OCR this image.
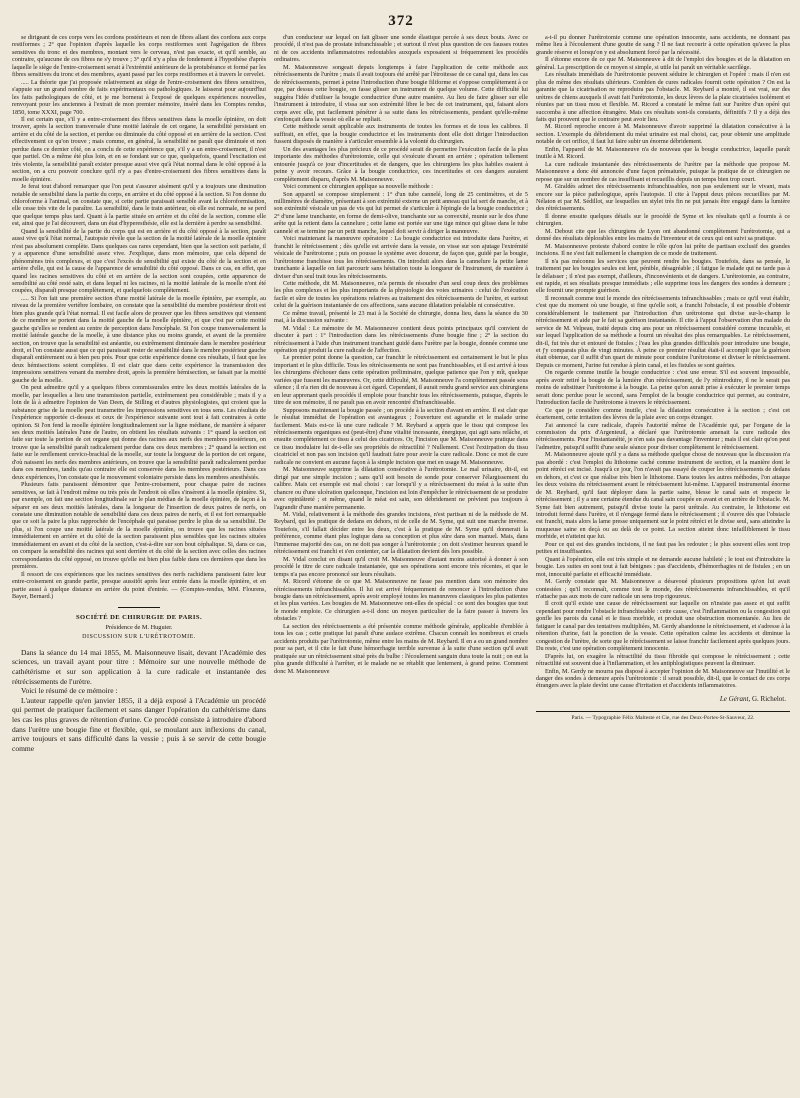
372

se dirigeant de ces corps vers les cordons postérieurs et non de fibres allant des cordons aux corps restiformes ; 2° que l'opinion d'après laquelle les corps restiformes sont l'agrégation de fibres sensitives du tronc et des membres, montant vers le cerveau, n'est pas exacte, et qu'il semble, au contraire, qu'aucune de ces fibres ne s'y trouve ; 3° qu'il n'y a plus de fondement à l'hypothèse d'après laquelle le siège de l'entre-croisement serait à l'extrémité antérieure de la protubérance et formé par les fibres sensitives du tronc et des membres, ayant passé par les corps restiformes et à travers le cervelet.

..... La théorie que j'ai proposée relativement au siège de l'entre-croisement des fibres sensitives, s'appuie sur un grand nombre de faits expérimentaux ou pathologiques. Je laisserai pour aujourd'hui les faits pathologiques de côté, et je me bornerai à l'exposé de quelques expériences nouvelles, renvoyant pour les anciennes à l'extrait de mon premier mémoire, inséré dans les Comptes rendus, 1850, tome XXXI, page 700.

Il est certain que, s'il y a entre-croisement des fibres sensitives dans la moelle épinière, on doit trouver, après la section transversale d'une moitié latérale de cet organe, la sensibilité persistant en arrière et du côté de la section, et perdue ou diminuée du côté opposé et en arrière de la section. C'est effectivement ce qu'on trouve ; mais comme, en général, la sensibilité ne paraît que diminuée et non perdue dans ce dernier côté, on a conclu de cette expérience que, s'il y a un entre-croisement, il n'est que partiel. On a même été plus loin, et en se fondant sur ce que, quelquefois, quand l'excitation est très violente, la sensibilité paraît exister presque aussi vive qu'à l'état normal dans le côté opposé à la section, on a cru pouvoir conclure qu'il n'y a pas d'entre-croisement des fibres sensitives dans la moelle épinière.

Je ferai tout d'abord remarquer que l'on peut s'assurer aisément qu'il y a toujours une diminution notable de sensibilité dans la partie du corps, en arrière et du côté opposé à la section. Si l'on donne du chloroforme à l'animal, on constate que, si cette partie paraissait sensible avant la chloroformisation, elle cesse très vite de le paraître. La sensibilité, dans le train antérieur, où elle est normale, ne se perd que quelque temps plus tard. Quant à la partie située en arrière et du côté de la section, comme elle est, ainsi que je l'ai découvert, dans un état d'hyperesthésie, elle est la dernière à perdre sa sensibilité.

Quand la sensibilité de la partie du corps qui est en arrière et du côté opposé à la section, paraît aussi vive qu'à l'état normal, l'autopsie révèle que la section de la moitié latérale de la moelle épinière n'est pas absolument complète. Dans quelques cas rares cependant, bien que la section soit parfaite, il y a apparence d'une sensibilité assez vive. J'explique, dans mon mémoire, que cela dépend de phénomènes très complexes, et que c'est l'excès de sensibilité qui existe du côté de la section et en arrière d'elle, qui est la cause de l'apparence de sensibilité du côté opposé. Dans ce cas, en effet, que quand les racines sensitives du côté et en arrière de la section sont coupées, cette apparence de sensibilité au côté resté sain, et dans lequel ni les racines, ni la moitié latérale de la moelle n'ont été coupées, disparaît presque complètement, et quelquefois complètement.

..... Si l'on fait une première section d'une moitié latérale de la moelle épinière, par exemple, au niveau de la première vertèbre lombaire, on constate que la sensibilité du membre postérieur droit est bien plus grande qu'à l'état normal. Il est facile alors de prouver que les fibres sensitives qui viennent de ce membre se portent dans la moitié gauche de la moelle épinière, et que c'est par cette moitié gauche qu'elles se rendent au centre de perception dans l'encéphale. Si l'on coupe transversalement la moitié latérale gauche de la moelle, à une distance plus ou moins grande, et avant de la première section, on trouve que la sensibilité est anéantie, ou extrêmement diminuée dans le membre postérieur droit, et l'on constate aussi que ce qui paraissait rester de sensibilité dans le membre postérieur gauche disparaît entièrement ou à bien peu près. Pour que cette expérience donne ces résultats, il faut que les deux hémisections soient complètes. Il est clair que dans cette expérience la transmission des impressions sensitives venant du membre droit, après la première hémisection, se faisait par la moitié gauche de la moelle.

On peut admettre qu'il y a quelques fibres commissurales entre les deux moitiés latérales de la moelle, par lesquelles a lieu une transmission partielle, extrêmement peu considérable ; mais il y a loin de là à admettre l'opinion de Van Deen, de Stilling et d'autres physiologistes, qui croient que la substance grise de la moelle peut transmettre les impressions sensitives en tous sens. Les résultats de l'expérience rapportée ci-dessus et ceux de l'expérience suivante sont tout à fait contraires à cette opinion. Si l'on fend la moelle épinière longitudinalement sur la ligne médiane, de manière à séparer ses deux moitiés latérales l'une de l'autre, on obtient les résultats suivants : 1° quand la section est faite sur toute la portion de cet organe qui donne des racines aux nerfs des membres postérieurs, on trouve que la sensibilité paraît radicalement perdue dans ces deux membres ; 2° quand la section est faite sur le renflement cervico-brachial de la moelle, sur toute la longueur de la portion de cet organe, d'où naissent les nerfs des membres antérieurs, on trouve que la sensibilité paraît radicalement perdue dans ces membres, tandis qu'au contraire elle est conservée dans les membres postérieurs. Dans ces deux expériences, l'on constate que le mouvement volontaire persiste dans les membres anesthésiés.

Plusieurs faits paraissent démontrer que l'entre-croisement, pour chaque paire de racines sensitives, se fait à l'endroit même ou très près de l'endroit où elles s'insèrent à la moelle épinière. Si, par exemple, on fait une section longitudinale sur le plan médian de la moelle épinière, de façon à la séparer en ses deux moitiés latérales, dans la longueur de l'insertion de deux paires de nerfs, on constate une diminution notable de sensibilité dans ces deux paires de nerfs, et il est fort remarquable que ce soit la paire la plus rapprochée de l'encéphale qui paraisse perdre le plus de sa sensibilité. De plus, si l'on coupe une moitié latérale de la moelle épinière, on trouve que les racines situées immédiatement en arrière et du côté de la section paraissent plus sensibles que les racines situées immédiatement en avant et du côté de la section, c'est-à-dire sur son bout céphalique. Si, dans ce cas, on compare la sensibilité des racines qui sont derrière et du côté de la section avec celles des racines correspondantes du côté opposé, on trouve qu'elle est bien plus faible dans ces dernières que dans les premières.

Il ressort de ces expériences que les racines sensitives des nerfs rachidiens paraissent faire leur entre-croisement en grande partie, presque aussitôt après leur entrée dans la moelle épinière, et en partie aussi à quelque distance en arrière du point d'entrée. — (Comptes-rendus, MM. Flourens, Bayer, Bernard.)

SOCIÉTÉ DE CHIRURGIE DE PARIS.
Présidence de M. Huguier.
DISCUSSION SUR L'URÉTROTOMIE.

Dans la séance du 14 mai 1855, M. Maisonneuve lisait, devant l'Académie des sciences, un travail ayant pour titre : Mémoire sur une nouvelle méthode de cathétérisme et sur son application à la cure radicale et instantanée des rétrécissements de l'urètre.

Voici le résumé de ce mémoire :

L'auteur rappelle qu'en janvier 1855, il a déjà exposé à l'Académie un procédé qui permet de pratiquer facilement et sans danger l'opération du cathétérisme dans les cas les plus graves de rétention d'urine. Ce procédé consiste à introduire d'abord dans l'urètre une bougie fine et flexible, qui, se moulant aux inflexions du canal, arrive toujours et sans difficulté dans la vessie ; puis à se servir de cette bougie comme

d'un conducteur sur lequel on fait glisser une sonde élastique percée à ses deux bouts. Avec ce procédé, il n'est pas de prostate infranchissable ; et surtout il n'est plus question de ces fausses routes ni de ces accidents inflammatoires redoutables auxquels exposaient si fréquemment les procédés ordinaires.

M. Maisonneuve songeait depuis longtemps à faire l'application de cette méthode aux rétrécissements de l'urètre ; mais il avait toujours été arrêté par l'étroitesse de ce canal qui, dans les cas de rétrécissements, permet à peine l'introduction d'une bougie filiforme et s'oppose complètement à ce que, par dessus cette bougie, on fasse glisser un instrument de quelque volume. Cette difficulté lui suggéra l'idée d'utiliser la bougie conductrice d'une autre manière. Au lieu de faire glisser sur elle l'instrument à introduire, il vissa sur son extrémité libre le bec de cet instrument, qui, faisant alors corps avec elle, put facilement pénétrer à sa suite dans les rétrécissements, pendant qu'elle-même s'enfonçait dans la vessie où elle se repliait.

Cette méthode serait applicable aux instruments de toutes les formes et de tous les calibres. Il suffirait, en effet, que la bougie conductrice et les instruments dont elle doit diriger l'introduction fussent disposés de manière à s'articuler ensemble à la volonté du chirurgien.

Un des avantages les plus précieux de ce procédé serait de permettre l'exécution facile de la plus importante des méthodes d'urétrotomie, celle qui s'exécute d'avant en arrière ; opération tellement entourée jusqu'à ce jour d'incertitudes et de dangers, que les chirurgiens les plus habiles osaient à peine y avoir recours. Grâce à la bougie conductrice, ces incertitudes et ces dangers auraient complètement disparu, d'après M. Maisonneuve.

Voici comment ce chirurgien applique sa nouvelle méthode :

Son appareil se compose simplement : 1° d'un tube cannelé, long de 25 centimètres, et de 5 millimètres de diamètre, présentant à son extrémité externe un petit anneau qui lui sert de manche, et à son extrémité vésicale un pas de vis qui lui permet de s'articuler à l'épingle de la bougie conductrice ; 2° d'une lame tranchante, en forme de demi-olive, tranchante sur sa convexité, munie sur le dos d'une arête qui la retient dans la cannelure ; cette lame est portée sur une tige mince qui glisse dans le tube cannelé et se termine par un petit manche, lequel doit servir à diriger la manœuvre.

Voici maintenant la manœuvre opératoire : La bougie conductrice est introduite dans l'urètre, et franchit le rétrécissement ; dès qu'elle est arrivée dans la vessie, on visse sur son ajutage l'extrémité vésicale de l'urétrotome ; puis on pousse le système avec douceur, de façon que, guidé par la bougie, l'urétrotome franchisse tous les rétrécissements. On introduit alors dans la cannelure la petite lame tranchante à laquelle on fait parcourir sans hésitation toute la longueur de l'instrument, de manière à diviser d'un seul trait tous les rétrécissements.

Cette méthode, dit M. Maisonneuve, m'a permis de résoudre d'un seul coup deux des problèmes les plus complexes et les plus importants de la physiologie des voies urinaires : celui de l'exécution facile et sûre de toutes les opérations relatives au traitement des rétrécissements de l'urètre, et surtout celui de la guérison instantanée de ces affections, sans aucune dilatation préalable ni consécutive.

Ce même travail, présenté le 23 mai à la Société de chirurgie, donna lieu, dans la séance du 30 mai, à la discussion suivante :

M. Vidal : Le mémoire de M. Maisonneuve contient deux points principaux qu'il convient de discuter à part : 1° l'introduction dans les rétrécissements d'une bougie fine ; 2° la section du rétrécissement à l'aide d'un instrument tranchant guidé dans l'urètre par la bougie, donnée comme une opération qui produit la cure radicale de l'affection.

Le premier point donne la question, car franchir le rétrécissement est certainement le but le plus important et le plus difficile. Tous les rétrécissements ne sont pas franchissables, et il est arrivé à tous les chirurgiens d'échouer dans cette opération préliminaire, quelque patience que l'on y mît, quelque variées que fussent les manœuvres. Or, cette difficulté, M. Maisonneuve l'a complètement passée sous silence ; il n'a rien dit de nouveau à cet égard. Cependant, il aurait rendu grand service aux chirurgiens en leur apprenant quels procédés il emploie pour franchir tous les rétrécissements, puisque, d'après le titre de son mémoire, il ne paraît pas en avoir rencontré d'infranchissable.

Supposons maintenant la bougie passée ; on procède à la section d'avant en arrière. Il est clair que le résultat immédiat de l'opération est avantageux ; l'ouverture est agrandie et le malade urine facilement. Mais est-ce là une cure radicale ? M. Reybard a appris que le tissu qui compose les rétrécissements organiques est (peut-être) d'une vitalité incessante, énergique, qui agit sans relâche, et ensuite complètement ce tissu à celui des cicatrices. Or, l'incision que M. Maisonneuve pratique dans ce tissu inodulaire lui de-t-elle ses propriétés de rétractilité ? Nullement. C'est l'extirpation du tissu cicatriciel et non pas son incision qu'il faudrait faire pour avoir la cure radicale. Donc ce mot de cure radicale ne convient en aucune façon à la simple incision que met en usage M. Maisonneuve.

M. Maisonneuve supprime la dilatation consécutive à l'urétrotomie. Le mal urinaire, dit-il, est dirigé par une simple incision ; sans qu'il soit besoin de sonde pour conserver l'élargissement du calibre. Mais cet exemple est mal choisi : car lorsqu'il y a rétrécissement du méat à la suite d'un chancre ou d'une ulcération quelconque, l'incision est loin d'empêcher le rétrécissement de se produire avec opiniâtreté ; et même, quand le méat est sain, son débridement ne prévient pas toujours à l'agrandir d'une manière permanente.

M. Vidal, relativement à la méthode des grandes incisions, n'est partisan ni de la méthode de M. Reybard, qui les pratique de dedans en dehors, ni de celle de M. Syme, qui suit une marche inverse. Toutefois, s'il fallait décider entre les deux, c'est à la pratique de M. Syme qu'il donnerait la préférence, comme étant plus logique dans sa conception et plus sûre dans son manuel. Mais, dans l'immense majorité des cas, on ne doit pas songer à l'urétrotomie ; on doit s'estimer heureux quand le rétrécissement est franchi et s'en contenter, car la dilatation devient dès lors possible.

M. Vidal conclut en disant qu'il croit M. Maisonneuve d'autant moins autorisé à donner à son procédé le titre de cure radicale instantanée, que ses opérations sont encore très récentes, et que le temps n'a pas encore prononcé sur leurs résultats.

M. Ricord s'étonne de ce que M. Maisonneuve ne fasse pas mention dans son mémoire des rétrécissements infranchissables. Il lui est arrivé fréquemment de renoncer à l'introduction d'une bougie dans un rétrécissement, après avoir employé toutes les manœuvres classiques les plus patientes et les plus variées. Les bougies de M. Maisonneuve ont-elles de spécial : ce sont des bougies que tout le monde emploie. Ce chirurgien a-t-il donc un moyen particulier de la faire passer à travers les obstacles ?

La section des rétrécissements a été présentée comme méthode générale, applicable d'emblée à tous les cas ; cette pratique lui paraît d'une audace extrême. Chacun connaît les nombreux et cruels accidents produits par l'urétrotomie, même entre les mains de M. Reybard. Il en a eu un grand nombre pour sa part, et il cite le fait d'une hémorrhagie terrible survenue à la suite d'une section qu'il avait pratiquée sur un rétrécissement situé près du bulbe : l'écoulement sanguin dura toute la nuit ; on eut la plus grande difficulté à l'arrêter, et le malade ne se rétablit que lentement, à grand peine. Comment donc M. Maisonneuve

a-t-il pu donner l'urétrotomie comme une opération innocente, sans accidents, ne donnant pas même lieu à l'écoulement d'une goutte de sang ? Il ne faut recourir à cette opération qu'avec la plus grande réserve et lorsqu'on y est absolument forcé par la nécessité.

Il s'étonne encore de ce que M. Maisonneuve à dit de l'emploi des bougies et de la dilatation en général. La prescription de ce moyen si simple, si utile lui paraît un véritable sacrilège.

Les résultats immédiats de l'urétrotomie peuvent séduire le chirurgien et l'opéré : mais il n'en est plus de même des résultats ultérieurs. Combien de cures radicales fournit cette opération ? On est la garantie que la cicatrisation ne reproduira pas l'obstacle. M. Reybard a montré, il est vrai, sur des urètres de chiens auxquels il avait fait l'urétrotomie, les deux lèvres de la plaie cicatrisées isolément et réunies par un tissu mou et flexible. M. Ricord a constaté le même fait sur l'urètre d'un opéré qui succomba à une affection étrangère. Mais ces résultats sont-ils constants, définitifs ? Il y a déjà des faits qui prouvent que le contraire peut avoir lieu.

M. Ricord reproche encore à M. Maisonneuve d'avoir supprimé la dilatation consécutive à la section. L'exemple du débridement du méat urinaire est mal choisi, car, pour obtenir une amplitude notable de cet orifice, il faut lui faire subir un énorme débridement.

Enfin, l'appareil de M. Maisonneuve n'a de nouveau que la bougie conductrice, laquelle paraît inutile à M. Ricord.

La cure radicale instantanée des rétrécissements de l'urètre par la méthode que propose M. Maisonneuve a donc été annoncée d'une façon prématurée, puisque la pratique de ce chirurgien ne repose que sur un nombre de cas insuffisant et recueillis depuis un temps bien trop court.

M. Giraldès admet des rétrécissements infranchissables, non pas seulement sur le vivant, mais encore sur la pièce pathologique, après l'autopsie. Il cite à l'appui deux pièces recueillies par M. Nélaton et par M. Sédillot, sur lesquelles un stylet très fin ne put jamais être engagé dans la lumière des rétrécissements.

Il donne ensuite quelques détails sur le procédé de Syme et les résultats qu'il a fournis à ce chirurgien.

M. Debout cite que les chirurgiens de Lyon ont abandonné complètement l'urétrotomie, qui a donné des résultats déplorables entre les mains de l'inventeur et de ceux qui ont suivi sa pratique.

M. Maisonneuve proteste d'abord contre le rôle qu'on lui prête de partisan exclusif des grandes incisions. Il ne s'est fait nullement le champion de ce mode de traitement.

Il n'a pas méconnu les services que peuvent rendre les bougies. Toutefois, dans sa pensée, le traitement par les bougies seules est lent, pénible, désagréable ; il fatigue le malade qui ne tarde pas à le délaisser ; il n'est pas exempt, d'ailleurs, d'inconvénients et de dangers. L'urétrotomie, au contraire, est rapide, et ses résultats presque immédiats ; elle supprime tous les dangers des sondes à demeure ; elle fournit une prompte guérison.

Il reconnaît comme tout le monde des rétrécissements infranchissables ; mais ce qu'il veut établir, c'est que du moment où une bougie, si fine qu'elle soit, a franchi l'obstacle, il est possible d'obtenir considérablement le traitement par l'introduction d'un urétrotome qui divise sur-le-champ le rétrécissement et aide par le fait sa guérison instantanée. Il cite à l'appui l'observation d'un malade du service de M. Velpeau, traité depuis cinq ans pour un rétrécissement considéré comme incurable, et sur lequel l'application de sa méthode a fourni un résultat des plus remarquables. Le rétrécissement, dit-il, fut très dur et entouré de fistules ; l'eau les plus grandes difficultés pour introduire une bougie, et j'y comparais plus de vingt minutes. À peine ce premier résultat était-il accompli que la guérison était obtenue, car il suffit d'un quart de minute pour conduire l'urétrotome et diviser le rétrécissement. Depuis ce moment, l'urine fut rendue à plein canal, et les fistules se sont guéries.

On regarde comme inutile la bougie conductrice : c'est une erreur. S'il est souvent impossible, après avoir retiré la bougie de la lumière d'un rétrécissement, de l'y réintroduire, il ne le serait pas moins de substituer l'urétrotome à la bougie. La peine qu'on aurait prise à exécuter le premier temps serait donc perdue pour le second, sans l'emploi de la bougie conductrice qui permet, au contraire, l'introduction facile de l'urétrotome à travers le rétrécissement.

Ce que je considère comme inutile, c'est la dilatation consécutive à la section ; c'est cet écartement, cette irritation des lèvres de la plaie avec un corps étranger.

J'ai annoncé la cure radicale, d'après l'autorité même de l'Académie qui, par l'organe de la commission du prix d'Argenteuil, a déclaré que l'urétrotomie amenait la cure radicale des rétrécissements. Pour l'instantanéité, je n'en sais pas davantage l'inventeur ; mais il est clair qu'on peut l'admettre, puisqu'il suffit d'une seule séance pour diviser complètement le rétrécissement.

M. Maisonneuve ajoute qu'il y a dans sa méthode quelque chose de nouveau que la discussion n'a pas abordé : c'est l'emploi du lithotome caché comme instrument de section, et la manière dont le point rétréci est incisé. Jusqu'à ce jour, l'on n'avait pas essayé de couper les rétrécissements de dedans en dehors, et c'est ce que réalise très bien le lithotome. Dans toutes les autres méthodes, l'on attaque les deux voisins du rétrécissement avant le rétrécissement lui-même. L'appareil instrumental énorme de M. Reybard, qu'il faut déployer dans la partie saine, blesse le canal sain et respecte le rétrécissement ; il y a une certaine étendue du canal sain coupée en avant et en arrière de l'obstacle. M. Syme fait bien autrement, puisqu'il divise toute la paroi urétrale. Au contraire, le lithotome est introduit fermé dans l'urètre, et il n'engage fermé dans le rétrécissement ; il s'ouvre dès que l'obstacle est franchi, mais alors la lame presse uniquement sur le point rétréci et le divise seul, sans atteindre la muqueuse saine en deçà ou au delà de ce point. La section atteint donc infailliblement le tissu morbide, et n'atteint que lui.

Pour ce qui est des grandes incisions, il ne faut pas les redouter ; le plus souvent elles sont trop petites et insuffisantes.

Quant à l'opération, elle est très simple et ne demande aucune habileté ; le tout est d'introduire la bougie. Les suites en sont tout à fait bénignes : pas d'accidents, d'hémorrhagies ni de fistules ; en un mot, innocuité parfaite et efficacité immédiate.

M. Gerdy constate que M. Maisonneuve a désavoué plusieurs propositions qu'on lui avait contestées ; qu'il reconnaît, comme tout le monde, des rétrécissements infranchissables, et qu'il n'attache pas aux mots de cure radicale un sens trop rigoureux.

Il croit qu'il existe une cause de rétrécissement sur laquelle on n'insiste pas assez et qui suffit cependant pour rendre l'obstacle infranchissable : cette cause, c'est l'inflammation ou la congestion qui gonfle les parois du canal et le tissu morbide, et produit une obstruction momentanée. Au lieu de fatiguer le canal par des tentatives multipliées, M. Gerdy abandonne le rétrécissement, et s'adresse à la rétention d'urine, fait la ponction de la vessie. Cette opération calme les accidents et diminue la congestion de l'urètre, de sorte que le rétrécissement se laisse franchir facilement après quelques jours. Du reste, c'est une opération complètement innocente.

D'après lui, on exagère la rétractilité du tissu fibroïde qui compose le rétrécissement ; cette rétractilité est souvent due à l'inflammation, et les antiphlogistiques peuvent la diminuer.

Enfin, M. Gerdy ne mourra pas disposé à accepter l'opinion de M. Maisonneuve sur l'inutilité et le danger des sondes à demeure après l'urétrotomie : il serait possible, dit-il, que le contact de ces corps étrangers avec la plaie devînt une cause d'irritation et d'accidents inflammatoires.

Le Gérant, G. Richelot.
Paris. — Typographie Félix Malteste et Cie, rue des Deux-Portes-St-Sauveur, 22.
